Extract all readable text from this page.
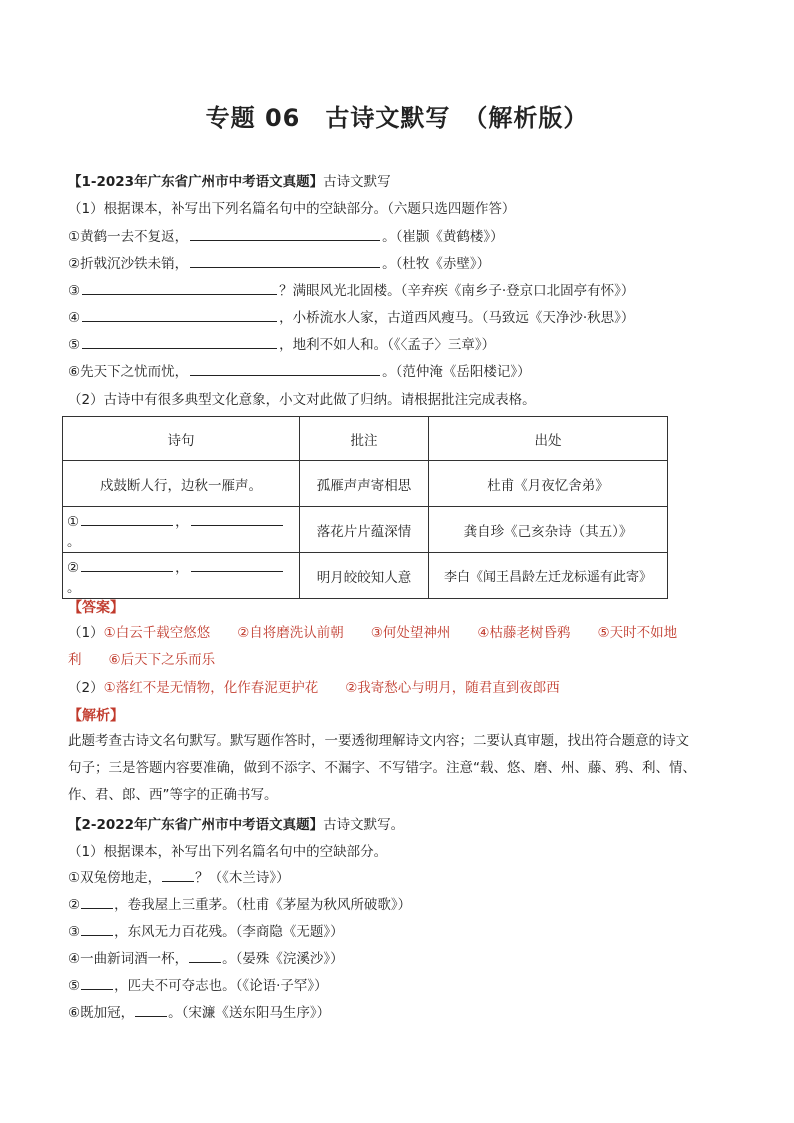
专题 06　古诗文默写　（解析版）
【1-2023年广东省广州市中考语文真题】古诗文默写
（1）根据课本，补写出下列名篇名句中的空缺部分。（六题只选四题作答）
①黄鹤一去不复返，	。（崔颢《黄鹤楼》）
②折戟沉沙铁未销，	。（杜牧《赤壁》）
③	？满眼风光北固楼。（辛弃疾《南乡子·登京口北固亭有怀》）
④	，小桥流水人家，古道西风瘦马。（马致远《天净沙·秋思》）
⑤	，地利不如人和。（《〈孟子〉三章》）
⑥先天下之忧而忧，	。（范仲淹《岳阳楼记》）
（2）古诗中有很多典型文化意象，小文对此做了归纳。请根据批注完成表格。
诗句	批注	出处
戍鼓断人行，边秋一雁声。	孤雁声声寄相思	杜甫《月夜忆舍弟》
① ，。	落花片片蕴深情	龚自珍《己亥杂诗（其五）》
② ，。	明月皎皎知人意	李白《闻王昌龄左迁龙标遥有此寄》
【答案】
（1）①白云千载空悠悠　　②自将磨洗认前朝　　③何处望神州　　④枯藤老树昏鸦　　⑤天时不如地
利　　⑥后天下之乐而乐
（2）①落红不是无情物，化作春泥更护花　　②我寄愁心与明月，随君直到夜郎西
【解析】
此题考查古诗文名句默写。默写题作答时，一要透彻理解诗文内容；二要认真审题，找出符合题意的诗文
句子；三是答题内容要准确，做到不添字、不漏字、不写错字。注意“载、悠、磨、州、藤、鸦、利、情、
作、君、郎、西”等字的正确书写。
【2-2022年广东省广州市中考语文真题】古诗文默写。
（1）根据课本，补写出下列名篇名句中的空缺部分。
①双兔傍地走，	？（《木兰诗》）
②	，卷我屋上三重茅。（杜甫《茅屋为秋风所破歌》）
③	，东风无力百花残。（李商隐《无题》）
④一曲新词酒一杯，	。（晏殊《浣溪沙》）
⑤	，匹夫不可夺志也。（《论语·子罕》）
⑥既加冠，	。（宋濂《送东阳马生序》）
